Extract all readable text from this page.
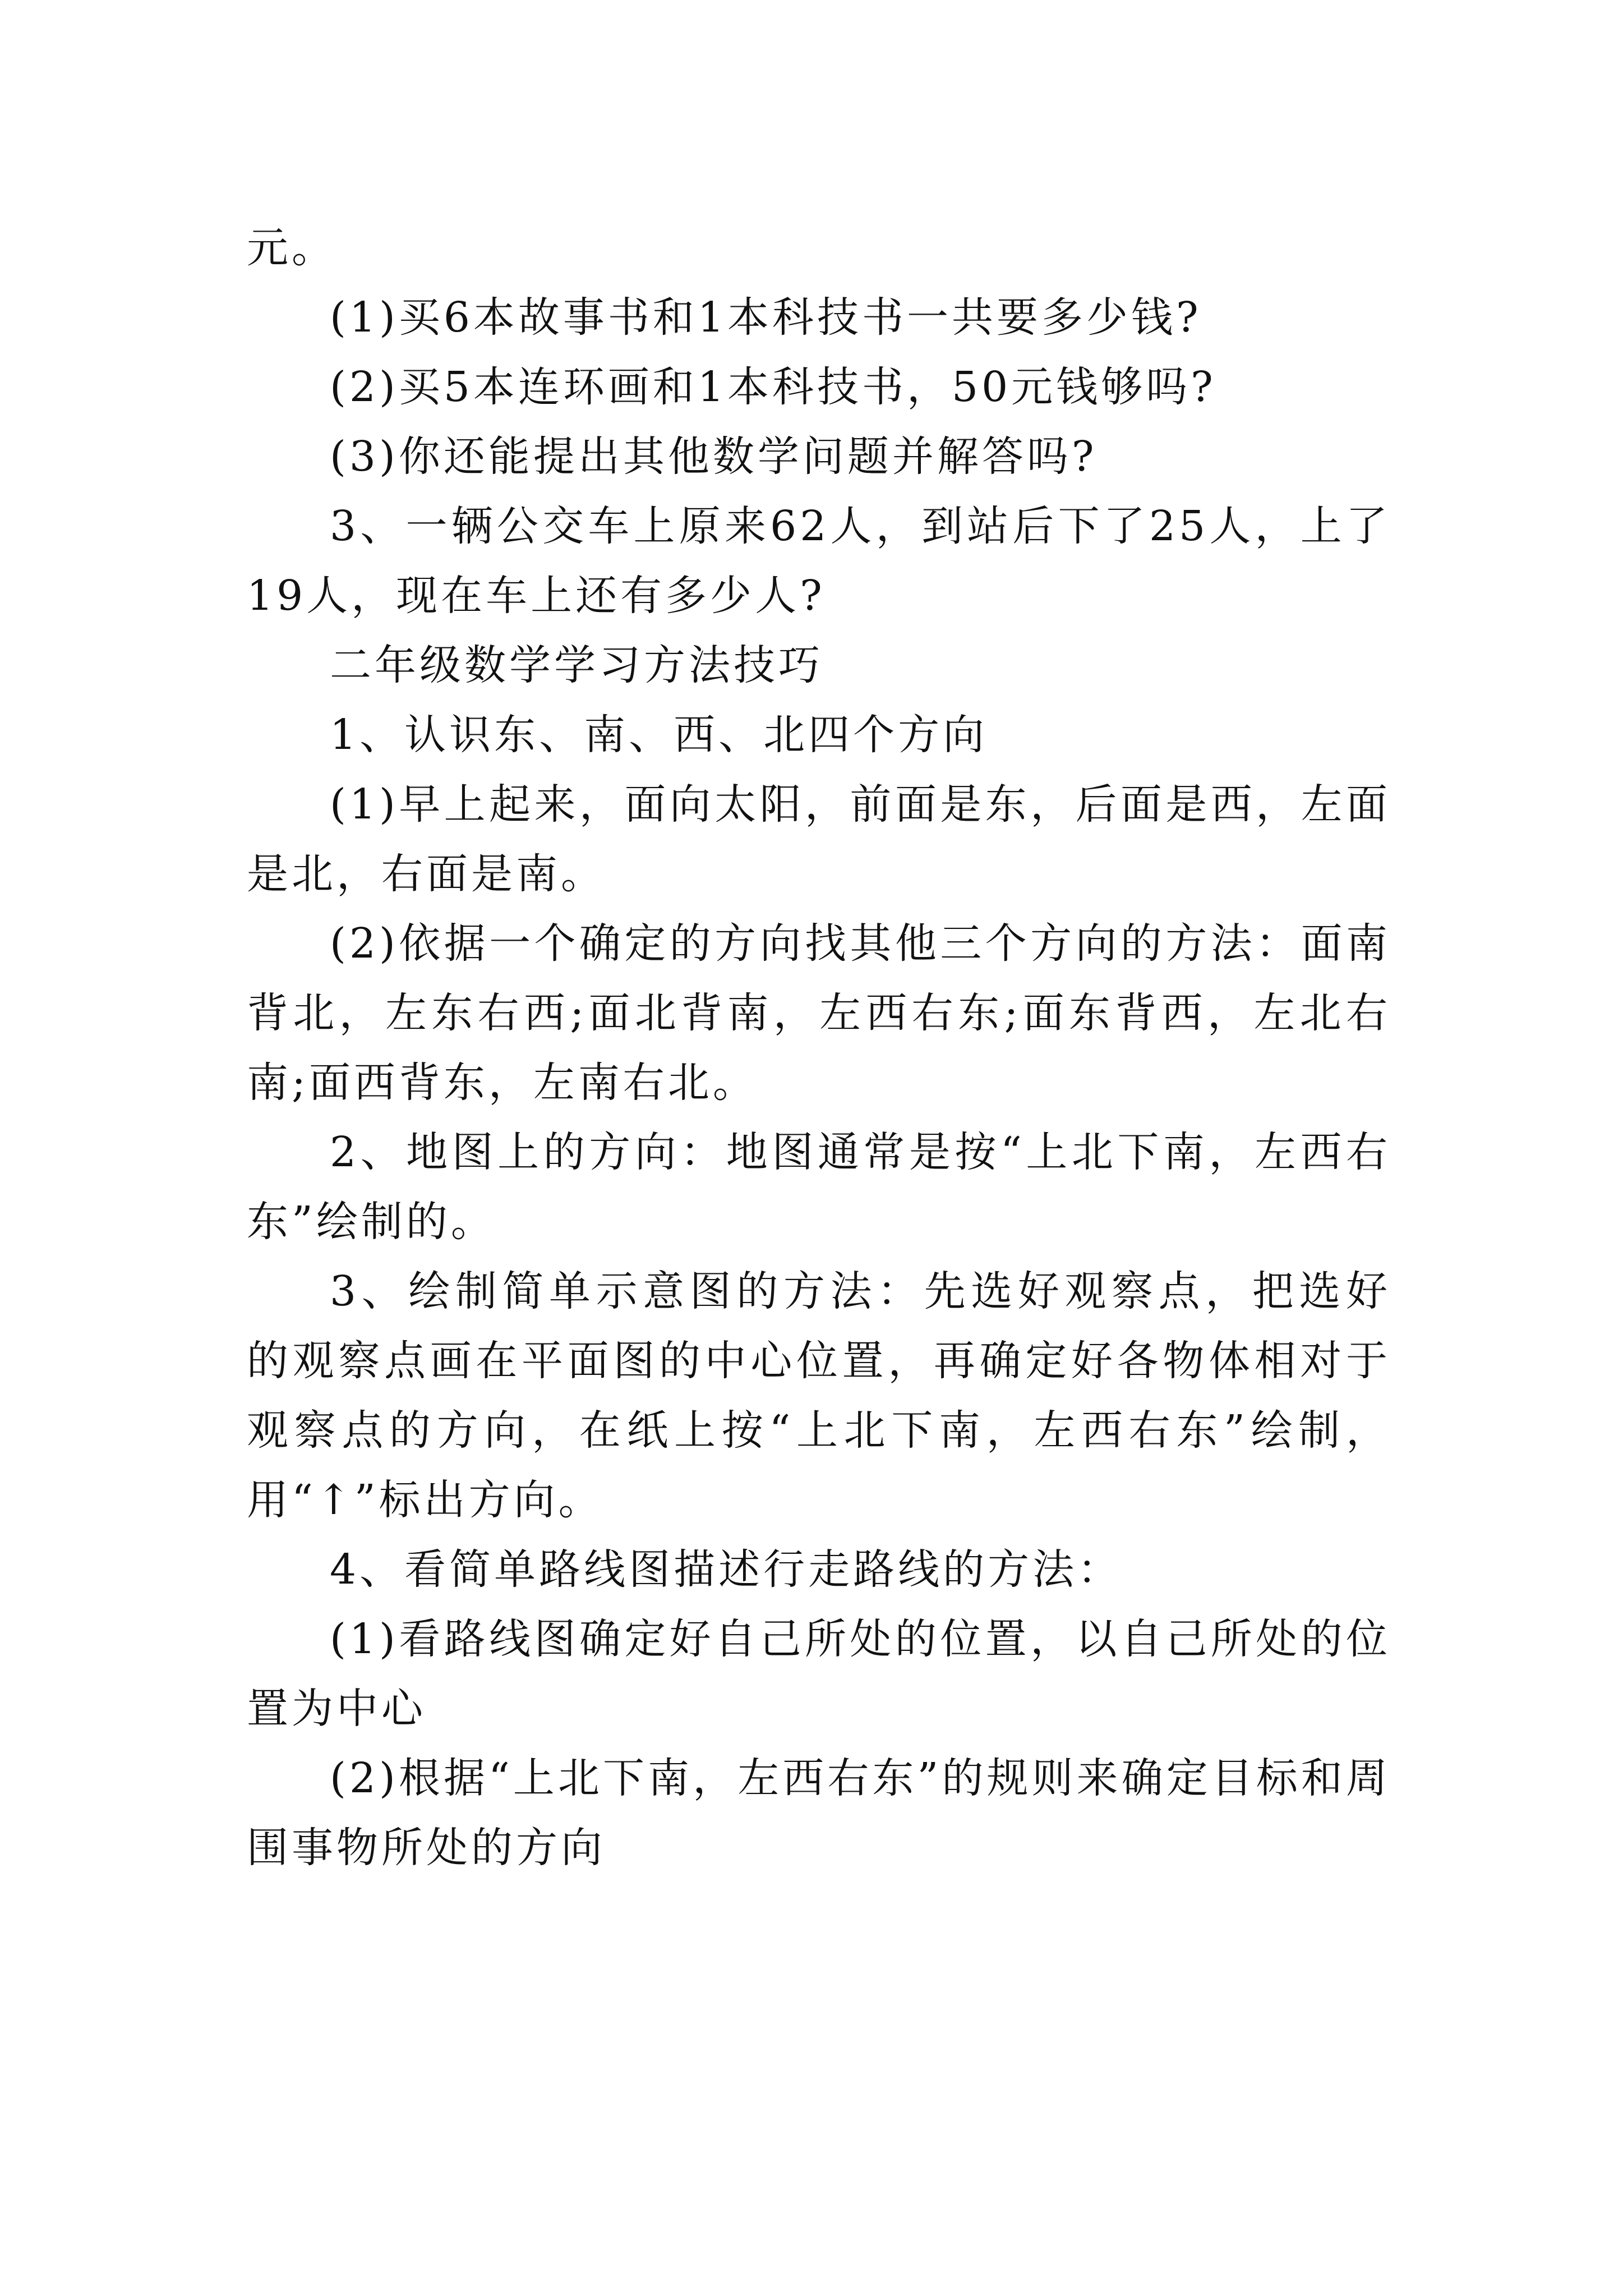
元。

(1)买6本故事书和1本科技书一共要多少钱?

(2)买5本连环画和1本科技书，50元钱够吗?

(3)你还能提出其他数学问题并解答吗?

3、一辆公交车上原来62人，到站后下了25人，上了19人，现在车上还有多少人?

二年级数学学习方法技巧

1、认识东、南、西、北四个方向

(1)早上起来，面向太阳，前面是东，后面是西，左面是北，右面是南。

(2)依据一个确定的方向找其他三个方向的方法：面南背北，左东右西;面北背南，左西右东;面东背西，左北右南;面西背东，左南右北。

2、地图上的方向：地图通常是按“上北下南，左西右东”绘制的。

3、绘制简单示意图的方法：先选好观察点，把选好的观察点画在平面图的中心位置，再确定好各物体相对于观察点的方向，在纸上按“上北下南，左西右东”绘制，用“↑”标出方向。

4、看简单路线图描述行走路线的方法：

(1)看路线图确定好自己所处的位置，以自己所处的位置为中心

(2)根据“上北下南，左西右东”的规则来确定目标和周围事物所处的方向
